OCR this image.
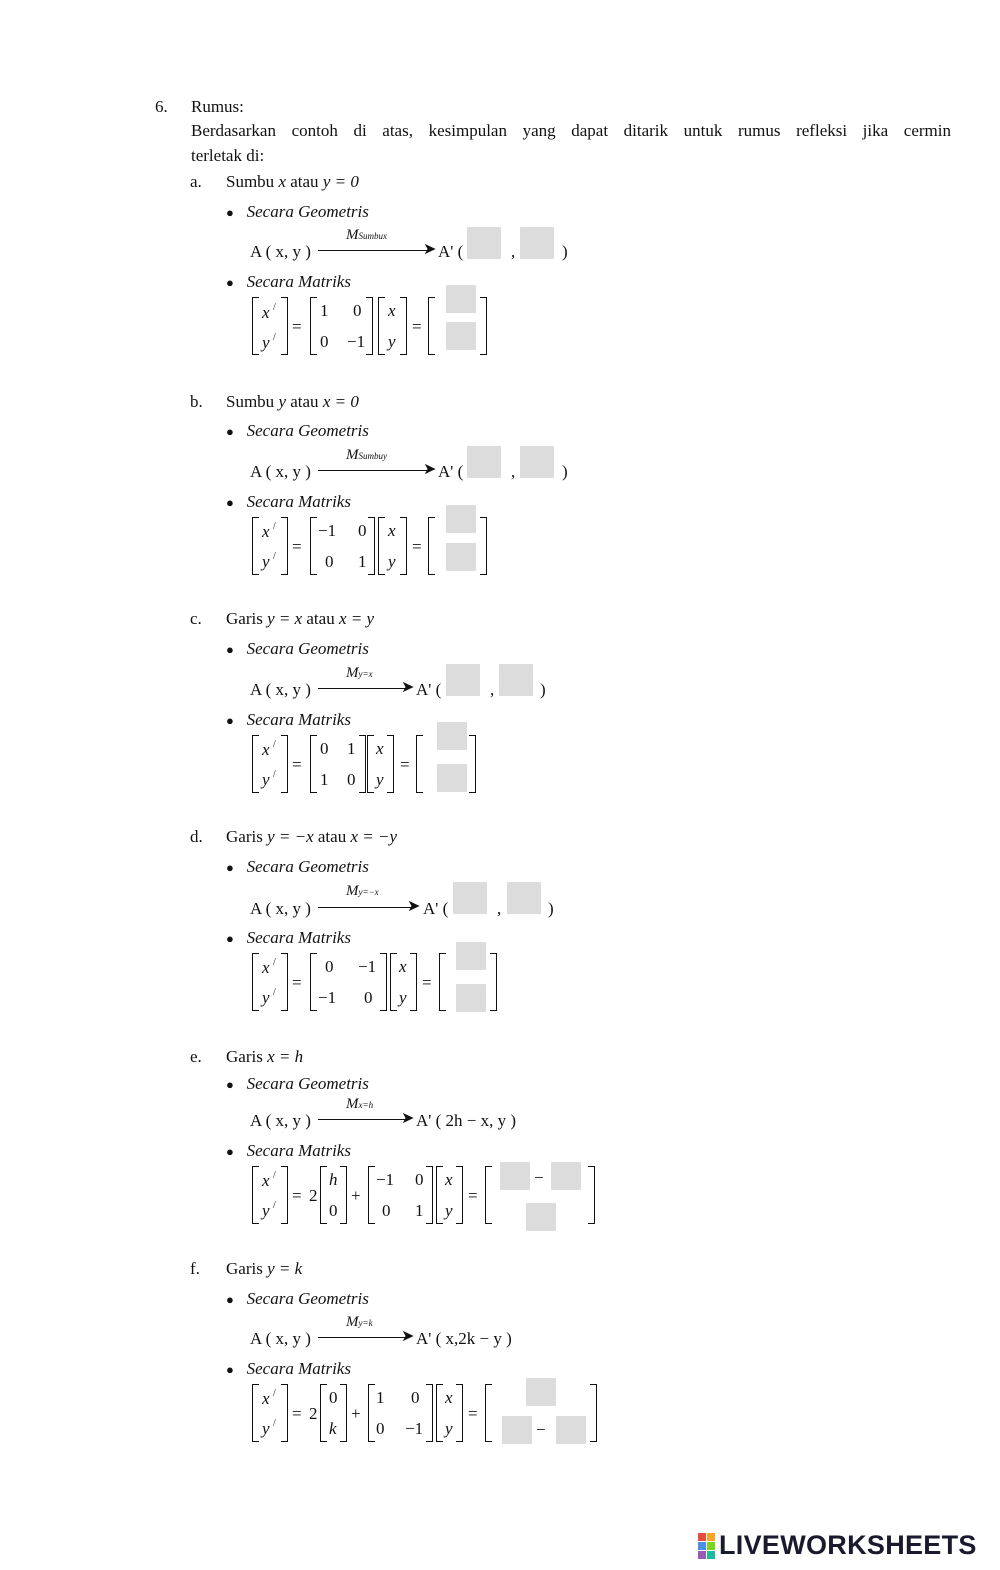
6. Rumus:
Berdasarkan contoh di atas, kesimpulan yang dapat ditarik untuk rumus refleksi jika cermin
terletak di:
a. Sumbu x atau y = 0
● Secara Geometris
A ( x, y )
MSumbux
➤ A' (	,	)
● Secara Matriks
x /
y /
=
1 0
0 −1
x
y
=
b. Sumbu y atau x = 0
● Secara Geometris
A ( x, y )
MSumbuy
➤ A' (	,	)
● Secara Matriks
x /
y /
=
−1 0
0 1
x
y
=
c. Garis y = x atau x = y
● Secara Geometris
A ( x, y )
My=x
➤ A' (	,	)
● Secara Matriks
x /
y /
=
0 1
1 0
x
y
=
d. Garis y = −x atau x = −y
● Secara Geometris
A ( x, y )
My=−x
➤ A' (	,	)
● Secara Matriks
x /
y /
=
0 −1
−1 0
x
y
=
e. Garis x = h
● Secara Geometris
A ( x, y )
Mx=h
➤ A' ( 2h − x, y )
● Secara Matriks
x /
y /
= 2
h
0
+
−1 0
0 1
x
y
=
−
f. Garis y = k
● Secara Geometris
A ( x, y )
My=k
➤ A' ( x,2k − y )
● Secara Matriks
x /
y /
= 2
0
k
+
1 0
0 −1
x
y
=
−
LIVEWORKSHEETS
